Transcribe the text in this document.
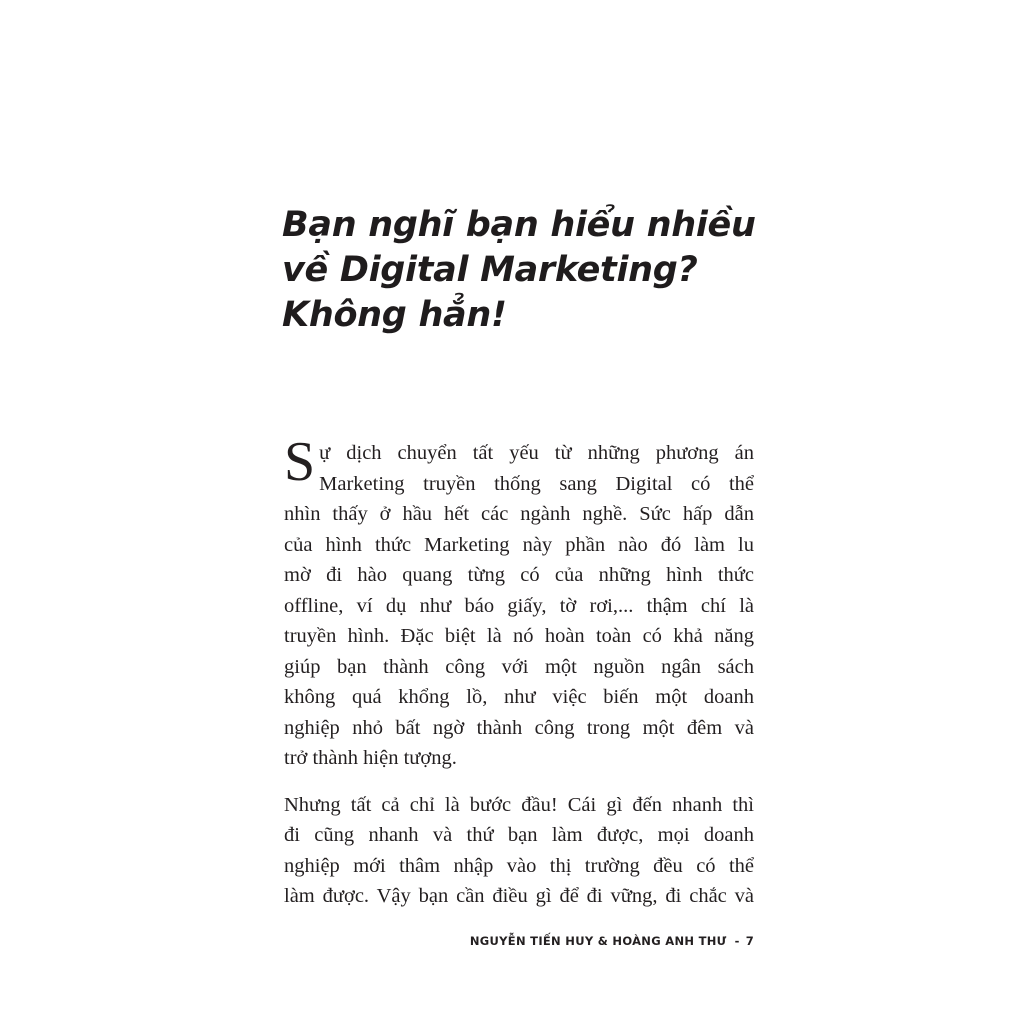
Bạn nghĩ bạn hiểu nhiều
về Digital Marketing?
Không hẳn!
S ự dịch chuyển tất yếu từ những phương án
Marketing truyền thống sang Digital có thể
nhìn thấy ở hầu hết các ngành nghề. Sức hấp dẫn
của hình thức Marketing này phần nào đó làm lu
mờ đi hào quang từng có của những hình thức
offline, ví dụ như báo giấy, tờ rơi,... thậm chí là
truyền hình. Đặc biệt là nó hoàn toàn có khả năng
giúp bạn thành công với một nguồn ngân sách
không quá khổng lồ, như việc biến một doanh
nghiệp nhỏ bất ngờ thành công trong một đêm và
trở thành hiện tượng.
Nhưng tất cả chỉ là bước đầu! Cái gì đến nhanh thì
đi cũng nhanh và thứ bạn làm được, mọi doanh
nghiệp mới thâm nhập vào thị trường đều có thể
làm được. Vậy bạn cần điều gì để đi vững, đi chắc và
NGUYỄN TIẾN HUY & HOÀNG ANH THƯ - 7
